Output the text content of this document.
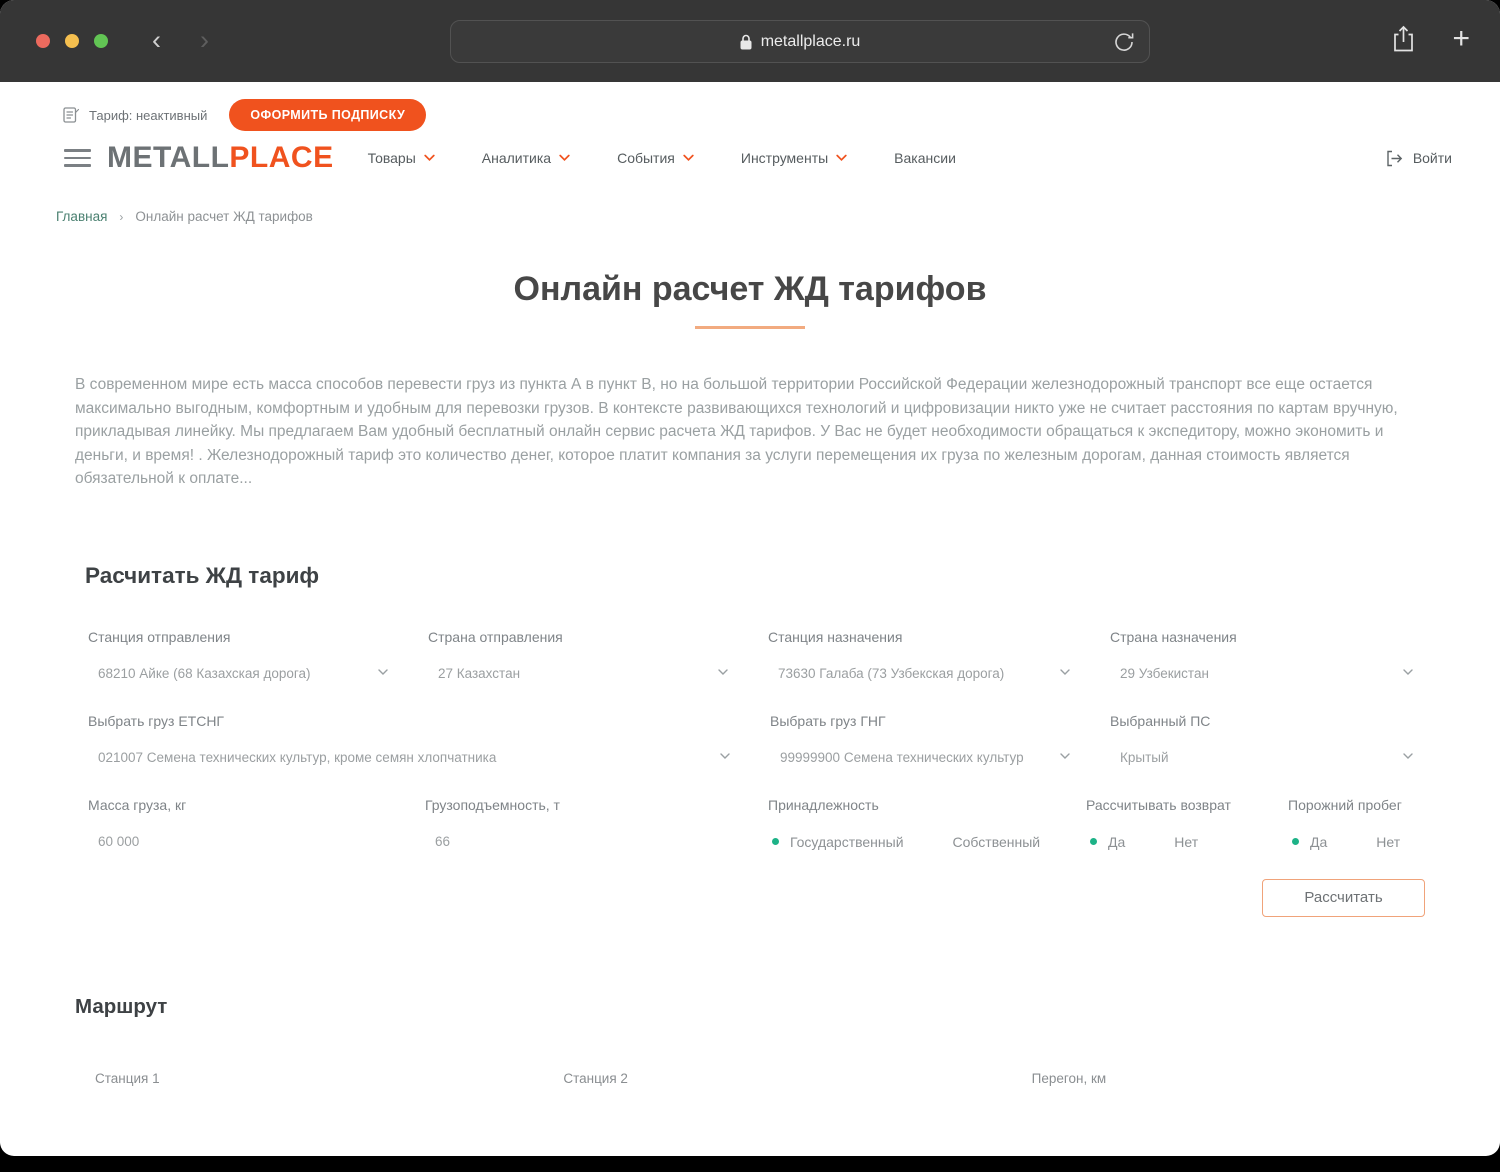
‹ ›	metallplace.ru	+
Тариф: неактивный	ОФОРМИТЬ ПОДПИСКУ
METALLPLACE Товары	Аналитика	События	Инструменты	Вакансии	Войти
Главная › Онлайн расчет ЖД тарифов
Онлайн расчет ЖД тарифов

В современном мире есть масса способов перевести груз из пункта А в пункт В, но на большой территории Российской Федерации железнодорожный транспорт все еще остается максимально выгодным, комфортным и удобным для перевозки грузов. В контексте развивающихся технологий и цифровизации никто уже не считает расстояния по картам вручную, прикладывая линейку. Мы предлагаем Вам удобный бесплатный онлайн сервис расчета ЖД тарифов. У Вас не будет необходимости обращаться к экспедитору, можно экономить и деньги, и время! . Железнодорожный тариф это количество денег, которое платит компания за услуги перемещения их груза по железным дорогам, данная стоимость является обязательной к оплате...

Расчитать ЖД тариф
Станция отправления
68210 Айке (68 Казахская дорога)
Страна отправления
27 Казахстан
Станция назначения
73630 Галаба (73 Узбекская дорога)
Страна назначения
29 Узбекистан
Выбрать груз ЕТСНГ
021007 Семена технических культур, кроме семян хлопчатника
Выбрать груз ГНГ
99999900 Семена технических культур
Выбранный ПС
Крытый
Масса груза, кг
60 000
Грузоподъемность, т
66
Принадлежность
Государственный	Собственный
Рассчитывать возврат
Да	Нет
Порожний пробег
Да	Нет
Рассчитать
Маршрут
Станция 1	Станция 2	Перегон, км
